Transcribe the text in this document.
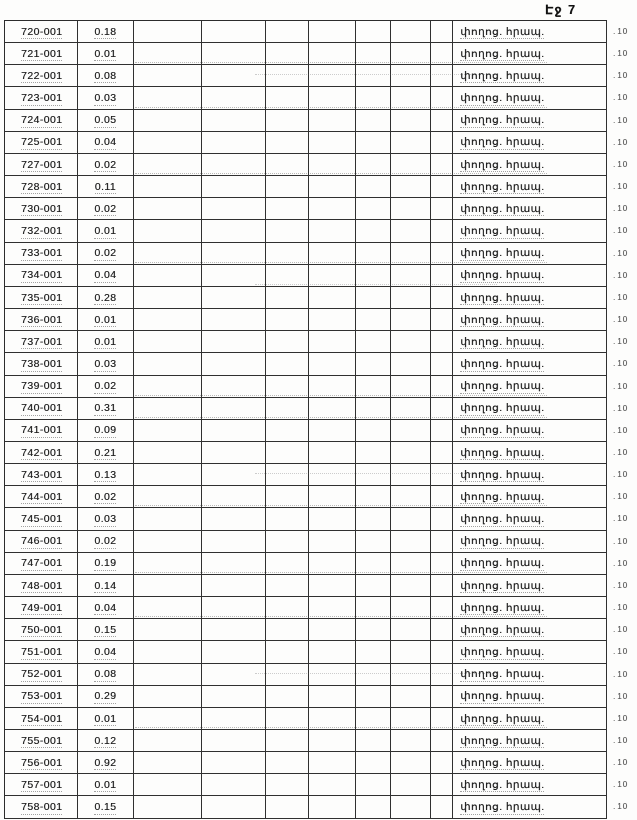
Էջ 7
720-001	0.18	փողոց. հրապ.	. 10
721-001	0.01	փողոց. հրապ.	. 10
722-001	0.08	փողոց. հրապ.	. 10
723-001	0.03	փողոց. հրապ.	. 10
724-001	0.05	փողոց. հրապ.	. 10
725-001	0.04	փողոց. հրապ.	. 10
727-001	0.02	փողոց. հրապ.	. 10
728-001	0.11	փողոց. հրապ.	. 10
730-001	0.02	փողոց. հրապ.	. 10
732-001	0.01	փողոց. հրապ.	. 10
733-001	0.02	փողոց. հրապ.	. 10
734-001	0.04	փողոց. հրապ.	. 10
735-001	0.28	փողոց. հրապ.	. 10
736-001	0.01	փողոց. հրապ.	. 10
737-001	0.01	փողոց. հրապ.	. 10
738-001	0.03	փողոց. հրապ.	. 10
739-001	0.02	փողոց. հրապ.	. 10
740-001	0.31	փողոց. հրապ.	. 10
741-001	0.09	փողոց. հրապ.	. 10
742-001	0.21	փողոց. հրապ.	. 10
743-001	0.13	փողոց. հրապ.	. 10
744-001	0.02	փողոց. հրապ.	. 10
745-001	0.03	փողոց. հրապ.	. 10
746-001	0.02	փողոց. հրապ.	. 10
747-001	0.19	փողոց. հրապ.	. 10
748-001	0.14	փողոց. հրապ.	. 10
749-001	0.04	փողոց. հրապ.	. 10
750-001	0.15	փողոց. հրապ.	. 10
751-001	0.04	փողոց. հրապ.	. 10
752-001	0.08	փողոց. հրապ.	. 10
753-001	0.29	փողոց. հրապ.	. 10
754-001	0.01	փողոց. հրապ.	. 10
755-001	0.12	փողոց. հրապ.	. 10
756-001	0.92	փողոց. հրապ.	. 10
757-001	0.01	փողոց. հրապ.	. 10
758-001	0.15	փողոց. հրապ.	. 10
